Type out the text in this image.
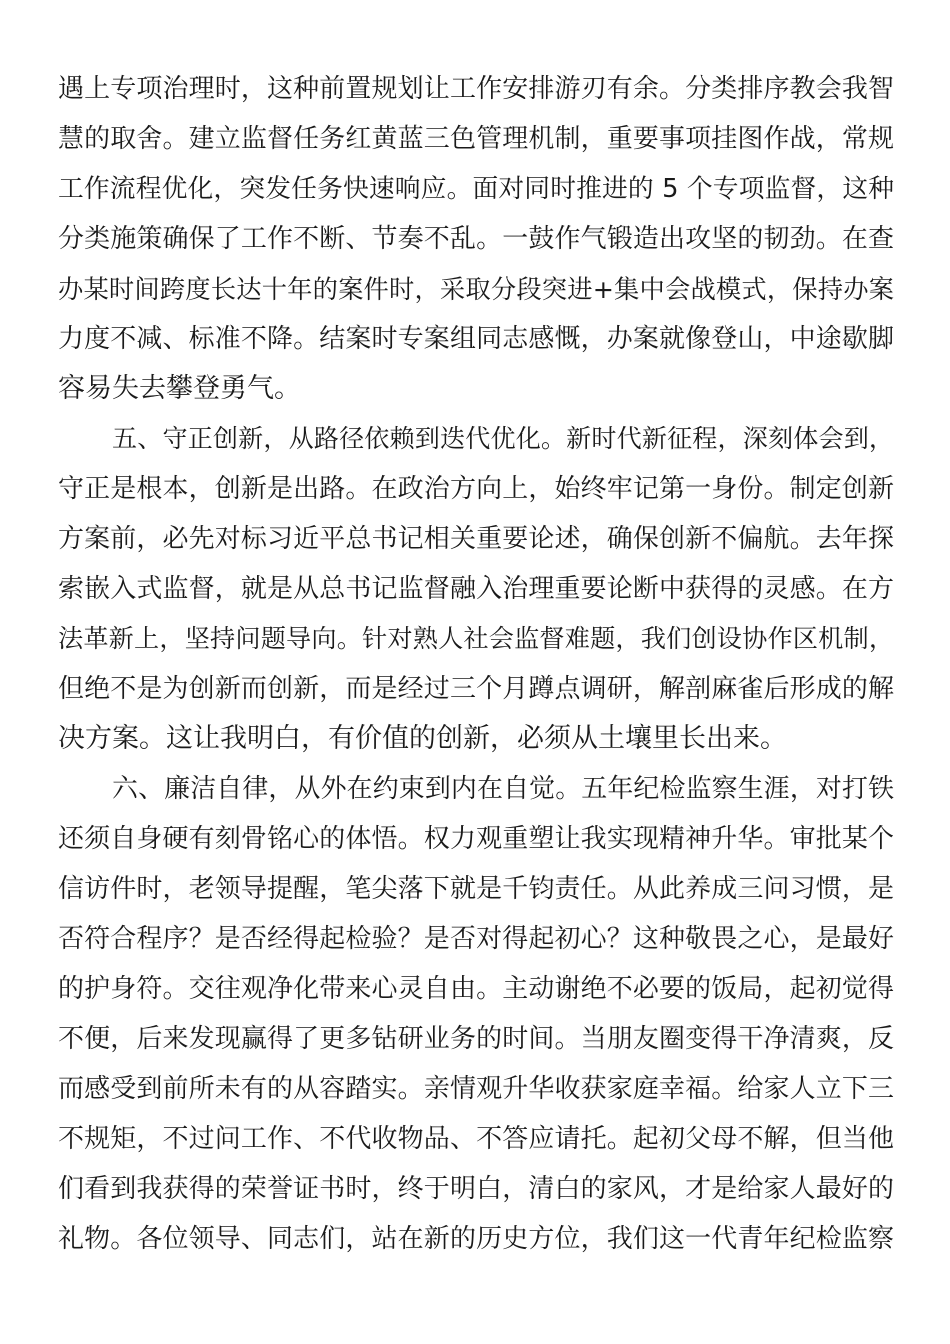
遇上专项治理时，这种前置规划让工作安排游刃有余。分类排序教会我智
慧的取舍。建立监督任务红黄蓝三色管理机制，重要事项挂图作战，常规
工作流程优化，突发任务快速响应。面对同时推进的 5 个专项监督，这种
分类施策确保了工作不断、节奏不乱。一鼓作气锻造出攻坚的韧劲。在查
办某时间跨度长达十年的案件时，采取分段突进+集中会战模式，保持办案
力度不减、标准不降。结案时专案组同志感慨，办案就像登山，中途歇脚
容易失去攀登勇气。
五、守正创新，从路径依赖到迭代优化。新时代新征程，深刻体会到，
守正是根本，创新是出路。在政治方向上，始终牢记第一身份。制定创新
方案前，必先对标习近平总书记相关重要论述，确保创新不偏航。去年探
索嵌入式监督，就是从总书记监督融入治理重要论断中获得的灵感。在方
法革新上，坚持问题导向。针对熟人社会监督难题，我们创设协作区机制，
但绝不是为创新而创新，而是经过三个月蹲点调研，解剖麻雀后形成的解
决方案。这让我明白，有价值的创新，必须从土壤里长出来。
六、廉洁自律，从外在约束到内在自觉。五年纪检监察生涯，对打铁
还须自身硬有刻骨铭心的体悟。权力观重塑让我实现精神升华。审批某个
信访件时，老领导提醒，笔尖落下就是千钧责任。从此养成三问习惯，是
否符合程序？是否经得起检验？是否对得起初心？这种敬畏之心，是最好
的护身符。交往观净化带来心灵自由。主动谢绝不必要的饭局，起初觉得
不便，后来发现赢得了更多钻研业务的时间。当朋友圈变得干净清爽，反
而感受到前所未有的从容踏实。亲情观升华收获家庭幸福。给家人立下三
不规矩，不过问工作、不代收物品、不答应请托。起初父母不解，但当他
们看到我获得的荣誉证书时，终于明白，清白的家风，才是给家人最好的
礼物。各位领导、同志们，站在新的历史方位，我们这一代青年纪检监察
